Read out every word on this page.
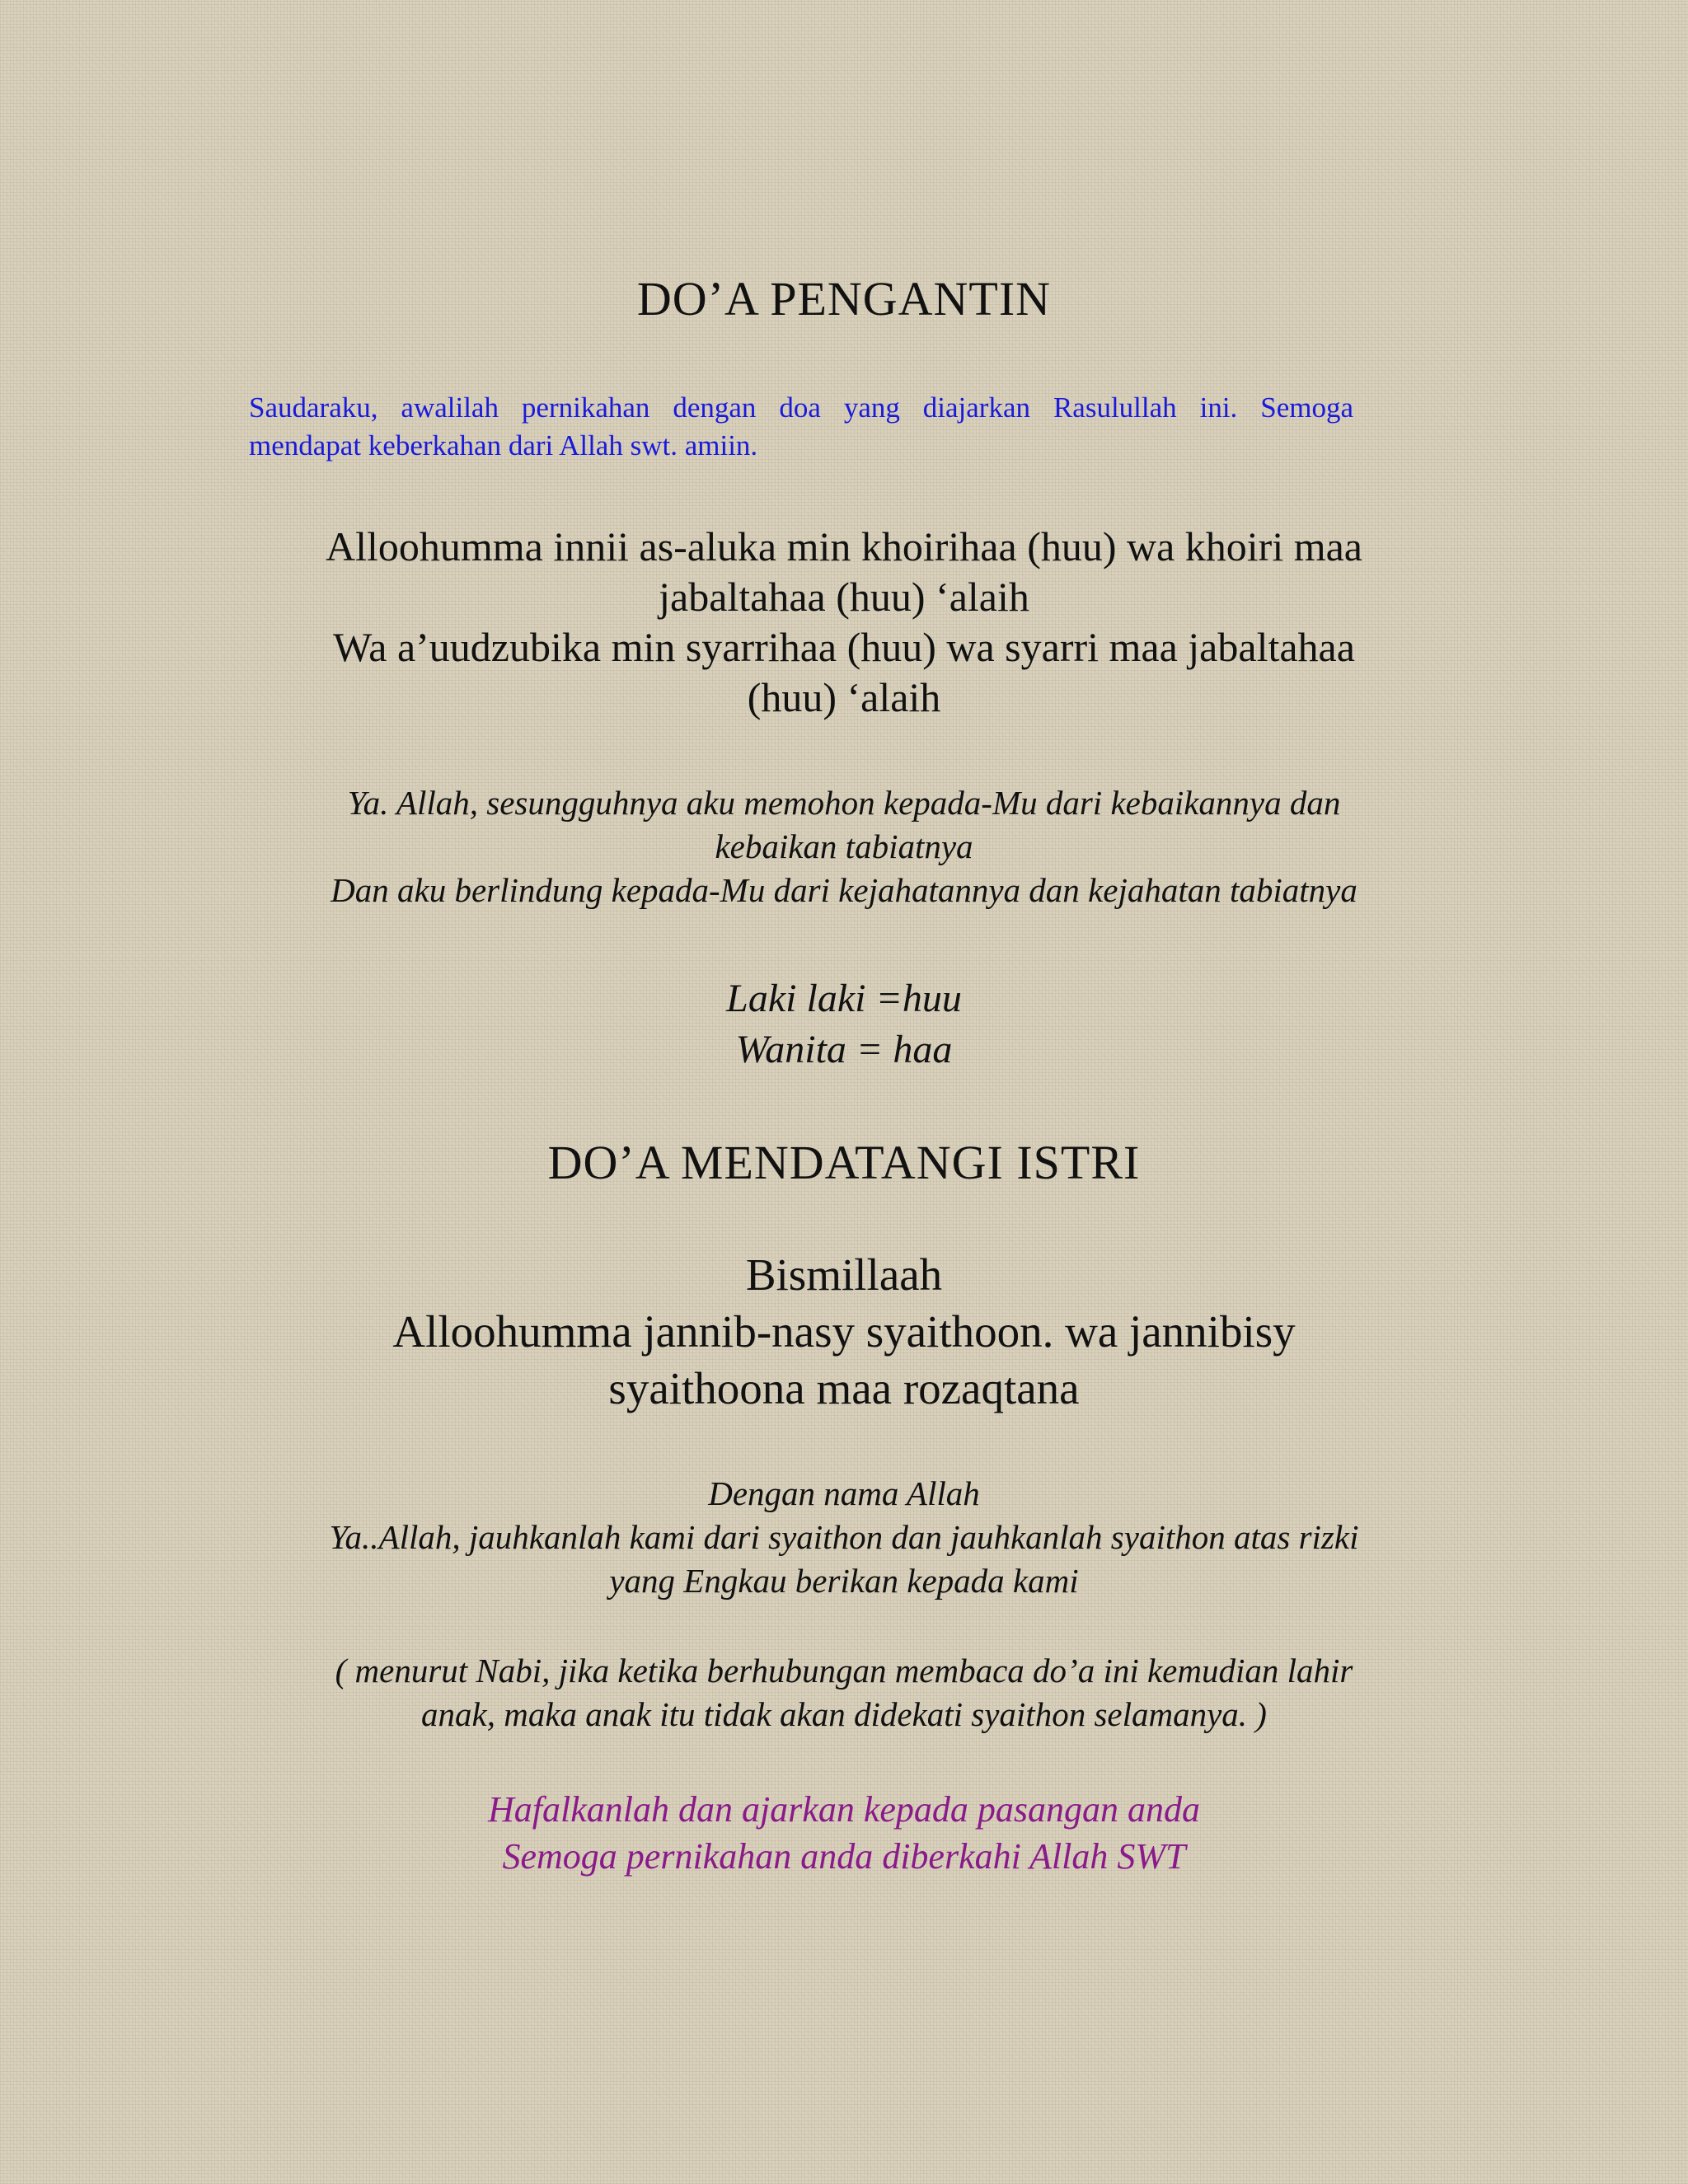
DO’A PENGANTIN
Saudaraku, awalilah pernikahan dengan doa yang diajarkan Rasulullah ini. Semoga
mendapat keberkahan dari Allah swt. amiin.
Alloohumma innii as-aluka min khoirihaa (huu) wa khoiri maa
jabaltahaa (huu) ‘alaih
Wa a’uudzubika min syarrihaa (huu) wa syarri maa jabaltahaa
(huu) ‘alaih
Ya. Allah, sesungguhnya aku memohon kepada-Mu dari kebaikannya dan
kebaikan tabiatnya
Dan aku berlindung kepada-Mu dari kejahatannya dan kejahatan tabiatnya
Laki laki =huu
Wanita = haa
DO’A MENDATANGI ISTRI
Bismillaah
Alloohumma jannib-nasy syaithoon. wa jannibisy
syaithoona maa rozaqtana
Dengan nama Allah
Ya..Allah, jauhkanlah kami dari syaithon dan jauhkanlah syaithon atas rizki
yang Engkau berikan kepada kami
( menurut Nabi, jika ketika berhubungan membaca do’a ini kemudian lahir
anak, maka anak itu tidak akan didekati syaithon selamanya. )
Hafalkanlah dan ajarkan kepada pasangan anda
Semoga pernikahan anda diberkahi Allah SWT
